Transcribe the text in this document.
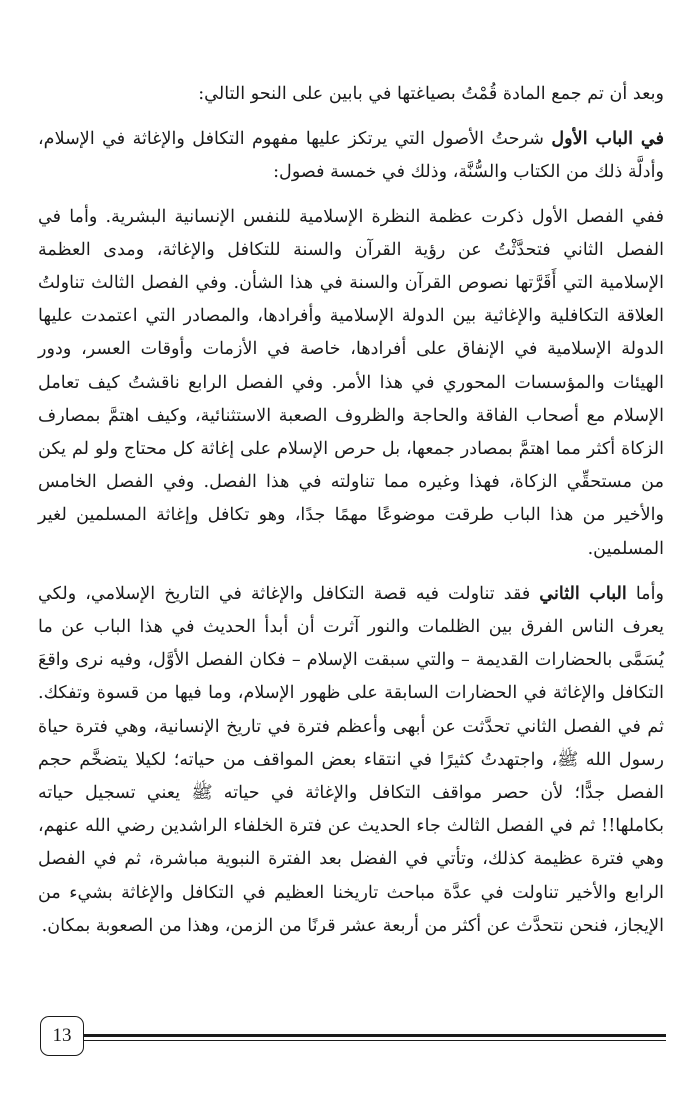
وبعد أن تم جمع المادة قُمْتُ بصياغتها في بابين على النحو التالي:

في الباب الأول شرحتُ الأصول التي يرتكز عليها مفهوم التكافل والإغاثة في الإسلام، وأدلَّة ذلك من الكتاب والسُّنَّة، وذلك في خمسة فصول:

ففي الفصل الأول ذكرت عظمة النظرة الإسلامية للنفس الإنسانية البشرية. وأما في الفصل الثاني فتحدَّثْتُ عن رؤية القرآن والسنة للتكافل والإغاثة، ومدى العظمة الإسلامية التي أَقَرَّتها نصوص القرآن والسنة في هذا الشأن. وفي الفصل الثالث تناولتُ العلاقة التكافلية والإغاثية بين الدولة الإسلامية وأفرادها، والمصادر التي اعتمدت عليها الدولة الإسلامية في الإنفاق على أفرادها، خاصة في الأزمات وأوقات العسر، ودور الهيئات والمؤسسات المحوري في هذا الأمر. وفي الفصل الرابع ناقشتُ كيف تعامل الإسلام مع أصحاب الفاقة والحاجة والظروف الصعبة الاستثنائية، وكيف اهتمَّ بمصارف الزكاة أكثر مما اهتمَّ بمصادر جمعها، بل حرص الإسلام على إغاثة كل محتاج ولو لم يكن من مستحقِّي الزكاة، فهذا وغيره مما تناولته في هذا الفصل. وفي الفصل الخامس والأخير من هذا الباب طرقت موضوعًا مهمًا جدًا، وهو تكافل وإغاثة المسلمين لغير المسلمين.

وأما الباب الثاني فقد تناولت فيه قصة التكافل والإغاثة في التاريخ الإسلامي، ولكي يعرف الناس الفرق بين الظلمات والنور آثرت أن أبدأ الحديث في هذا الباب عن ما يُسَمَّى بالحضارات القديمة – والتي سبقت الإسلام – فكان الفصل الأوَّل، وفيه نرى واقعَ التكافل والإغاثة في الحضارات السابقة على ظهور الإسلام، وما فيها من قسوة وتفكك. ثم في الفصل الثاني تحدَّثت عن أبهى وأعظم فترة في تاريخ الإنسانية، وهي فترة حياة رسول الله ﷺ، واجتهدتُ كثيرًا في انتقاء بعض المواقف من حياته؛ لكيلا يتضخَّم حجم الفصل جدًّا؛ لأن حصر مواقف التكافل والإغاثة في حياته ﷺ يعني تسجيل حياته بكاملها!! ثم في الفصل الثالث جاء الحديث عن فترة الخلفاء الراشدين رضي الله عنهم، وهي فترة عظيمة كذلك، وتأتي في الفضل بعد الفترة النبوية مباشرة، ثم في الفصل الرابع والأخير تناولت في عدَّة مباحث تاريخنا العظيم في التكافل والإغاثة بشيء من الإيجاز، فنحن نتحدَّث عن أكثر من أربعة عشر قرنًا من الزمن، وهذا من الصعوبة بمكان.

13
